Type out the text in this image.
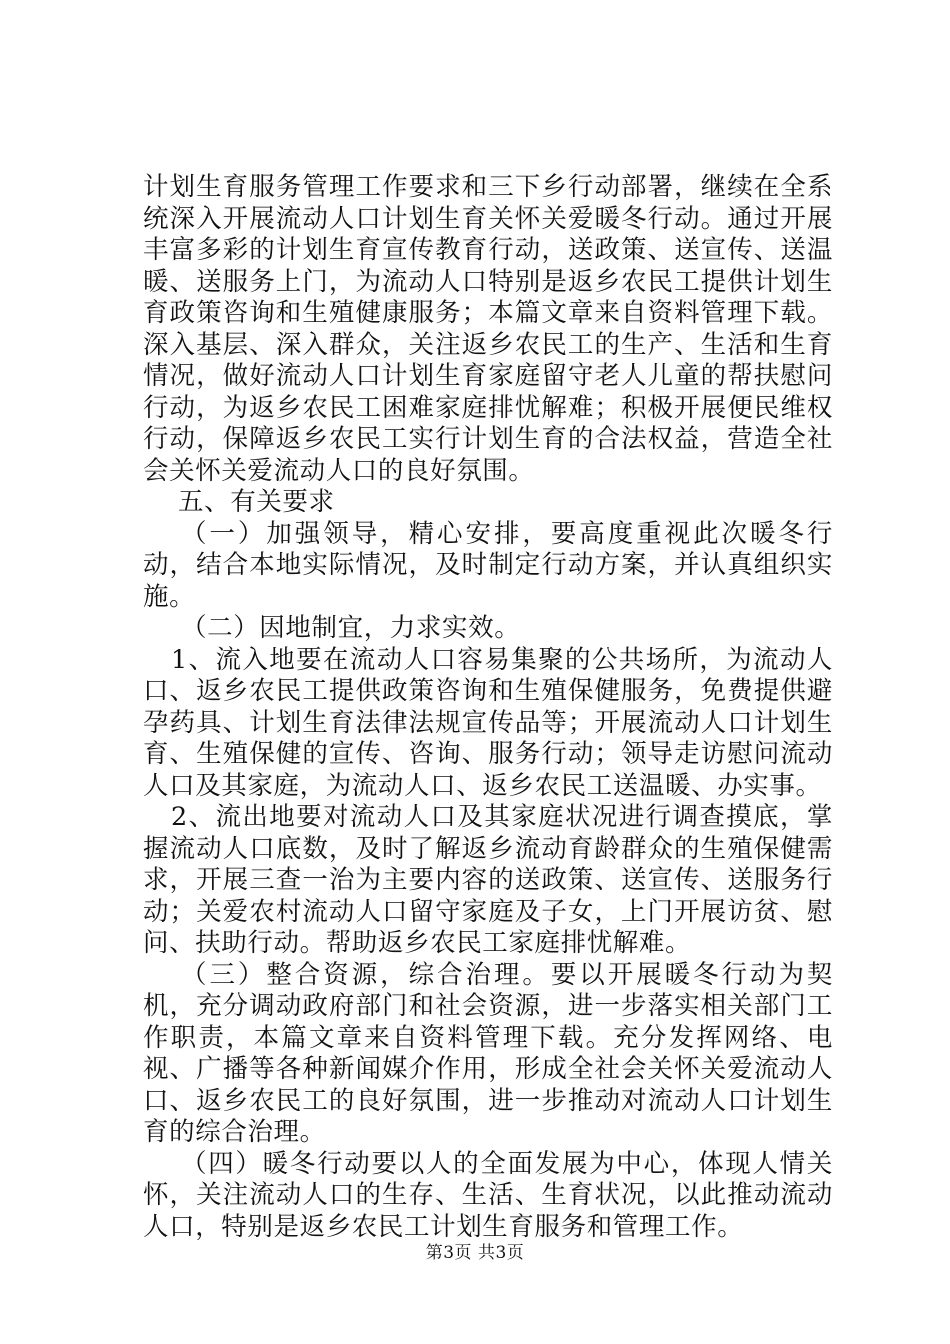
计划生育服务管理工作要求和三下乡行动部署，继续在全系统深入开展流动人口计划生育关怀关爱暖冬行动。通过开展丰富多彩的计划生育宣传教育行动，送政策、送宣传、送温暖、送服务上门，为流动人口特别是返乡农民工提供计划生育政策咨询和生殖健康服务；本篇文章来自资料管理下载。深入基层、深入群众，关注返乡农民工的生产、生活和生育情况，做好流动人口计划生育家庭留守老人儿童的帮扶慰问行动，为返乡农民工困难家庭排忧解难；积极开展便民维权行动，保障返乡农民工实行计划生育的合法权益，营造全社会关怀关爱流动人口的良好氛围。

五、有关要求

（一）加强领导，精心安排，要高度重视此次暖冬行动，结合本地实际情况，及时制定行动方案，并认真组织实施。

（二）因地制宜，力求实效。

1、流入地要在流动人口容易集聚的公共场所，为流动人口、返乡农民工提供政策咨询和生殖保健服务，免费提供避孕药具、计划生育法律法规宣传品等；开展流动人口计划生育、生殖保健的宣传、咨询、服务行动；领导走访慰问流动人口及其家庭，为流动人口、返乡农民工送温暖、办实事。

2、流出地要对流动人口及其家庭状况进行调查摸底，掌握流动人口底数，及时了解返乡流动育龄群众的生殖保健需求，开展三查一治为主要内容的送政策、送宣传、送服务行动；关爱农村流动人口留守家庭及子女，上门开展访贫、慰问、扶助行动。帮助返乡农民工家庭排忧解难。

（三）整合资源，综合治理。要以开展暖冬行动为契机，充分调动政府部门和社会资源，进一步落实相关部门工作职责，本篇文章来自资料管理下载。充分发挥网络、电视、广播等各种新闻媒介作用，形成全社会关怀关爱流动人口、返乡农民工的良好氛围，进一步推动对流动人口计划生育的综合治理。

（四）暖冬行动要以人的全面发展为中心，体现人情关怀，关注流动人口的生存、生活、生育状况，以此推动流动人口，特别是返乡农民工计划生育服务和管理工作。

第3页 共3页
